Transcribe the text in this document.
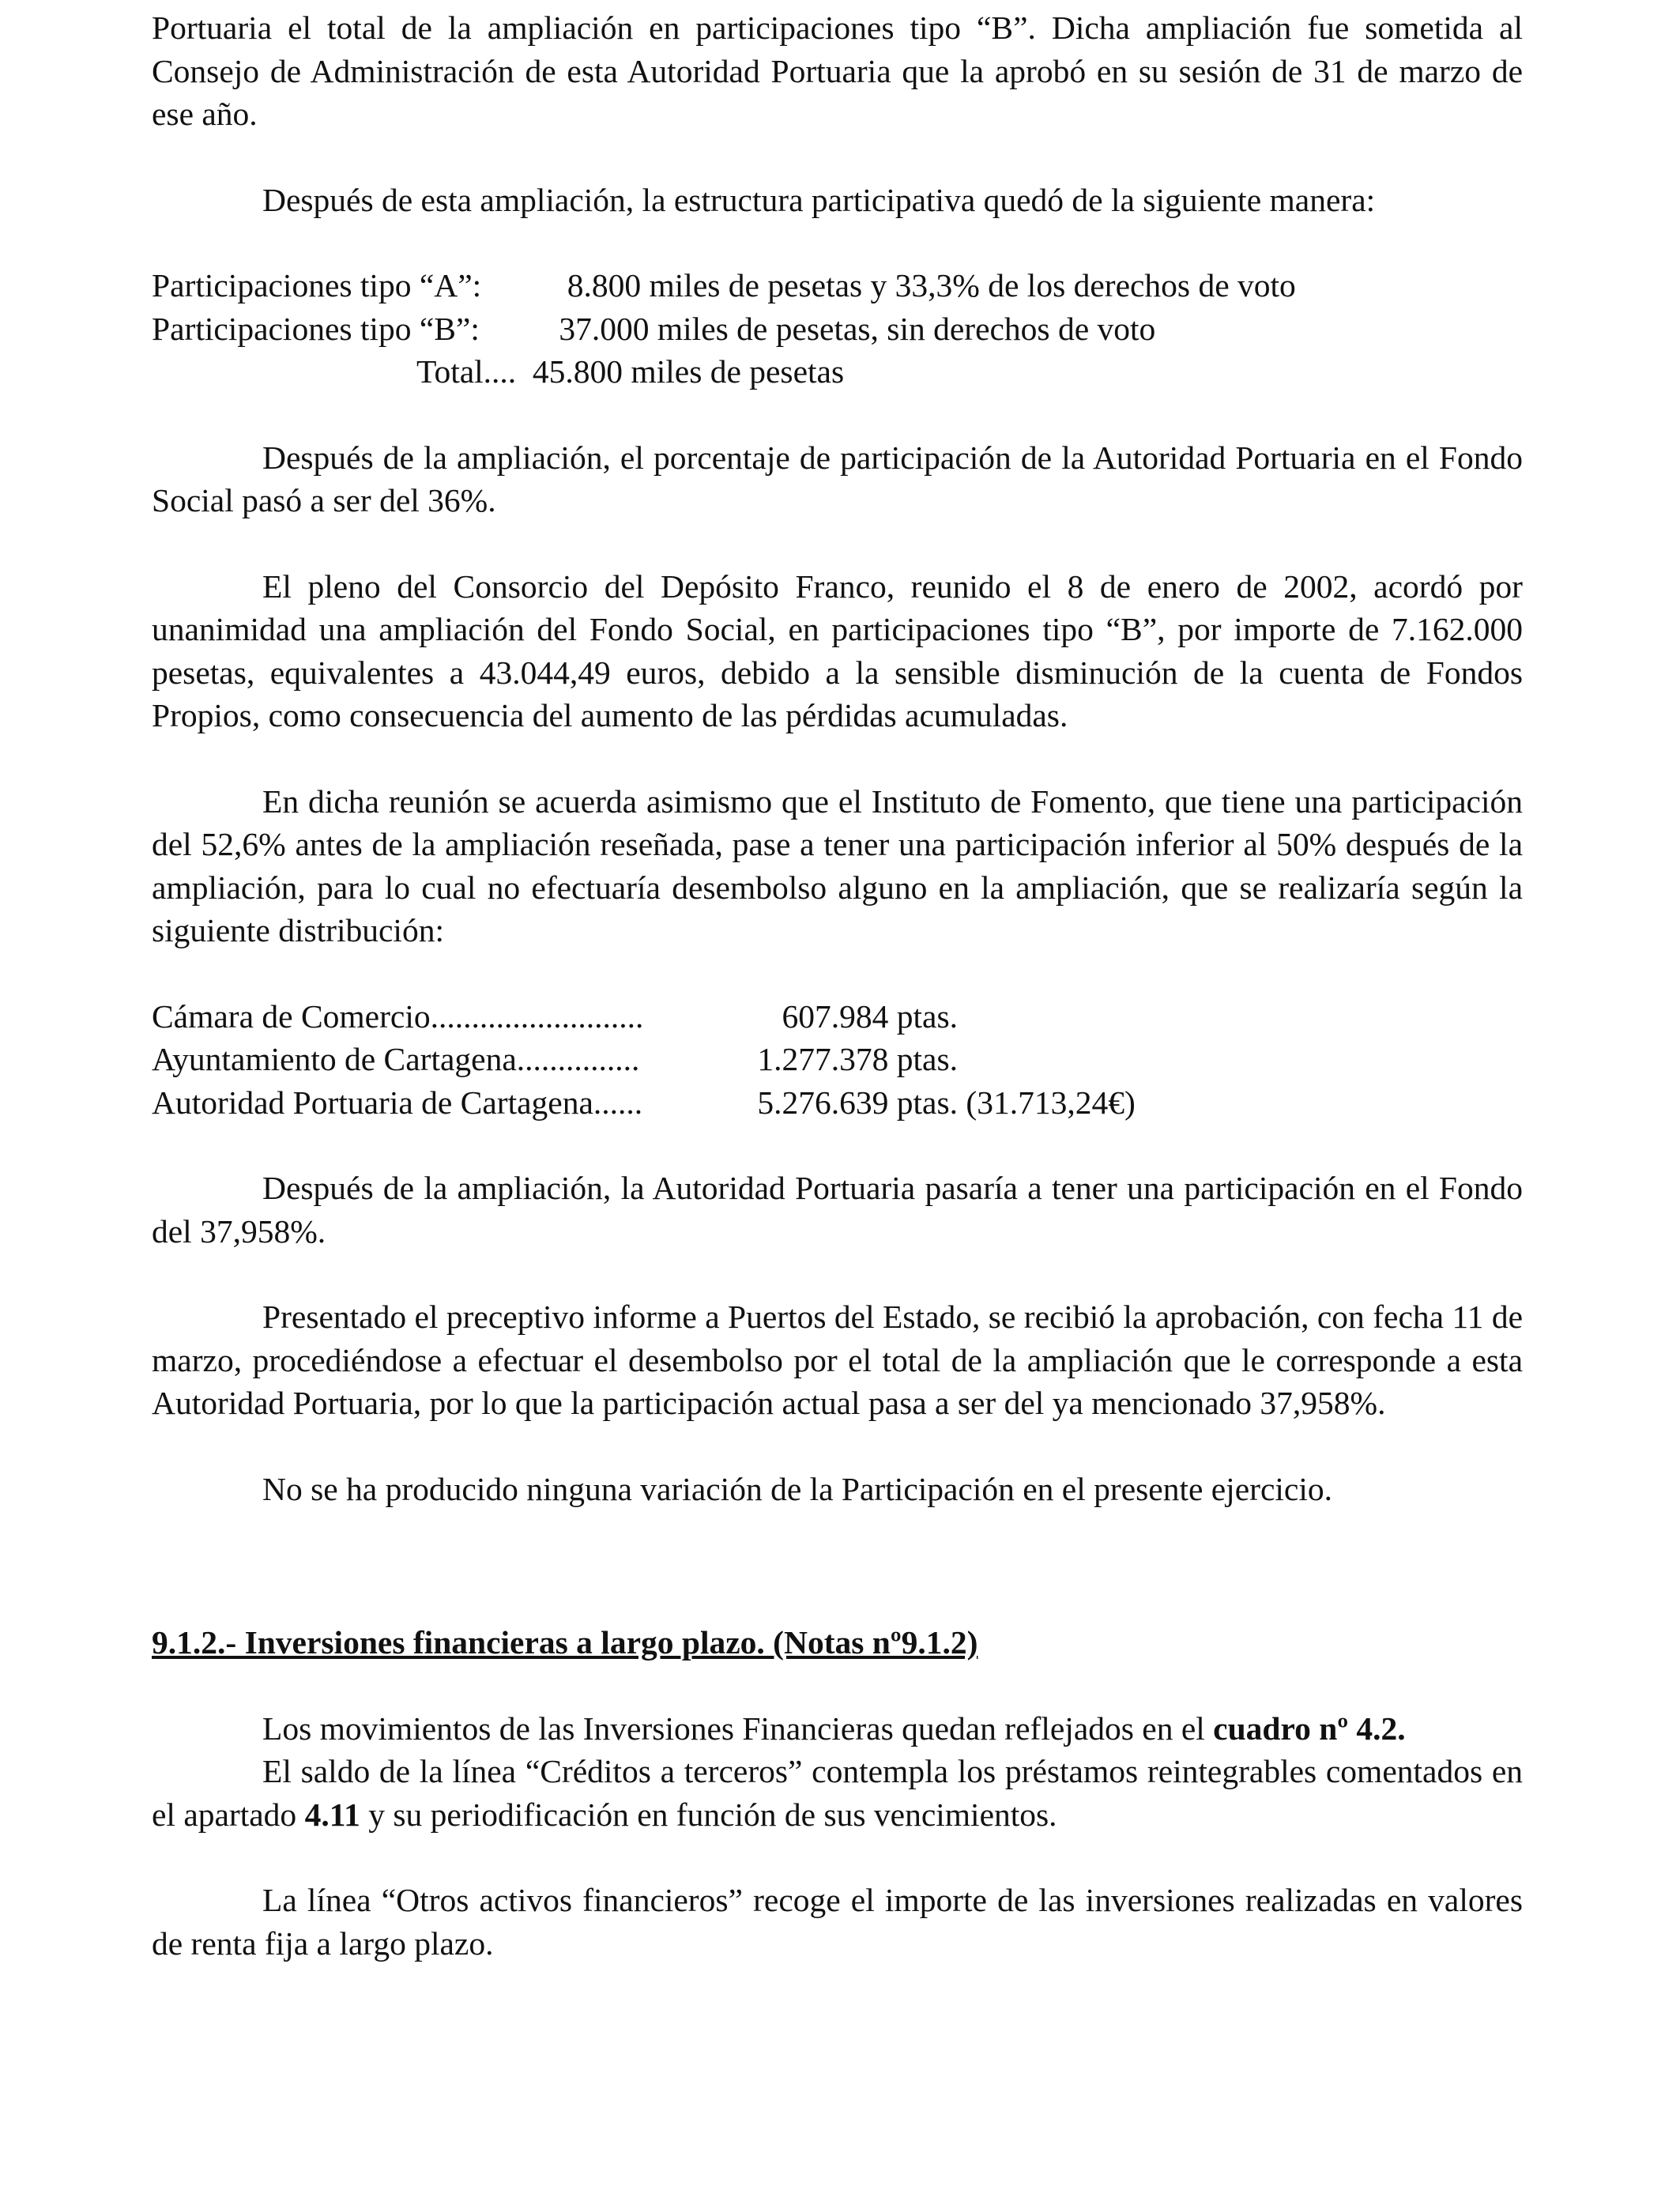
Portuaria el total de la ampliación en participaciones tipo “B”. Dicha ampliación fue sometida al Consejo de Administración de esta Autoridad Portuaria que la aprobó en su sesión de 31 de marzo de ese año.

Después de esta ampliación, la estructura participativa quedó de la siguiente manera:

Participaciones tipo “A”:  8.800 miles de pesetas y 33,3% de los derechos de voto
Participaciones tipo “B”: 37.000 miles de pesetas, sin derechos de voto
Total....  45.800 miles de pesetas

Después de la ampliación, el porcentaje de participación de la Autoridad Portuaria en el Fondo Social pasó a ser del 36%.

El pleno del Consorcio del Depósito Franco, reunido el 8 de enero de 2002, acordó por unanimidad una ampliación del Fondo Social, en participaciones tipo “B”, por importe de 7.162.000 pesetas, equivalentes a 43.044,49 euros, debido a la sensible disminución de la cuenta de Fondos Propios, como consecuencia del aumento de las pérdidas acumuladas.

En dicha reunión se acuerda asimismo que el Instituto de Fomento, que tiene una participación del 52,6% antes de la ampliación reseñada, pase a tener una participación inferior al 50% después de la ampliación, para lo cual no efectuaría desembolso alguno en la ampliación, que se realizaría según la siguiente distribución:

Cámara de Comercio..........................	607.984 ptas.
Ayuntamiento de Cartagena...............	1.277.378 ptas.
Autoridad Portuaria de Cartagena......	5.276.639 ptas. (31.713,24€)

Después de la ampliación, la Autoridad Portuaria pasaría a tener una participación en el Fondo del 37,958%.

Presentado el preceptivo informe a Puertos del Estado, se recibió la aprobación, con fecha 11 de marzo, procediéndose a efectuar el desembolso por el total de la ampliación que le corresponde a esta Autoridad Portuaria, por lo que la participación actual pasa a ser del ya mencionado 37,958%.

No se ha producido ninguna variación de la Participación en el presente ejercicio.

9.1.2.- Inversiones financieras a largo plazo. (Notas nº9.1.2)

Los movimientos de las Inversiones Financieras quedan reflejados en el cuadro nº 4.2.

El saldo de la línea “Créditos a terceros” contempla los préstamos reintegrables comentados en el apartado 4.11 y su periodificación en función de sus vencimientos.

La línea “Otros activos financieros” recoge el importe de las inversiones realizadas en valores de renta fija a largo plazo.
